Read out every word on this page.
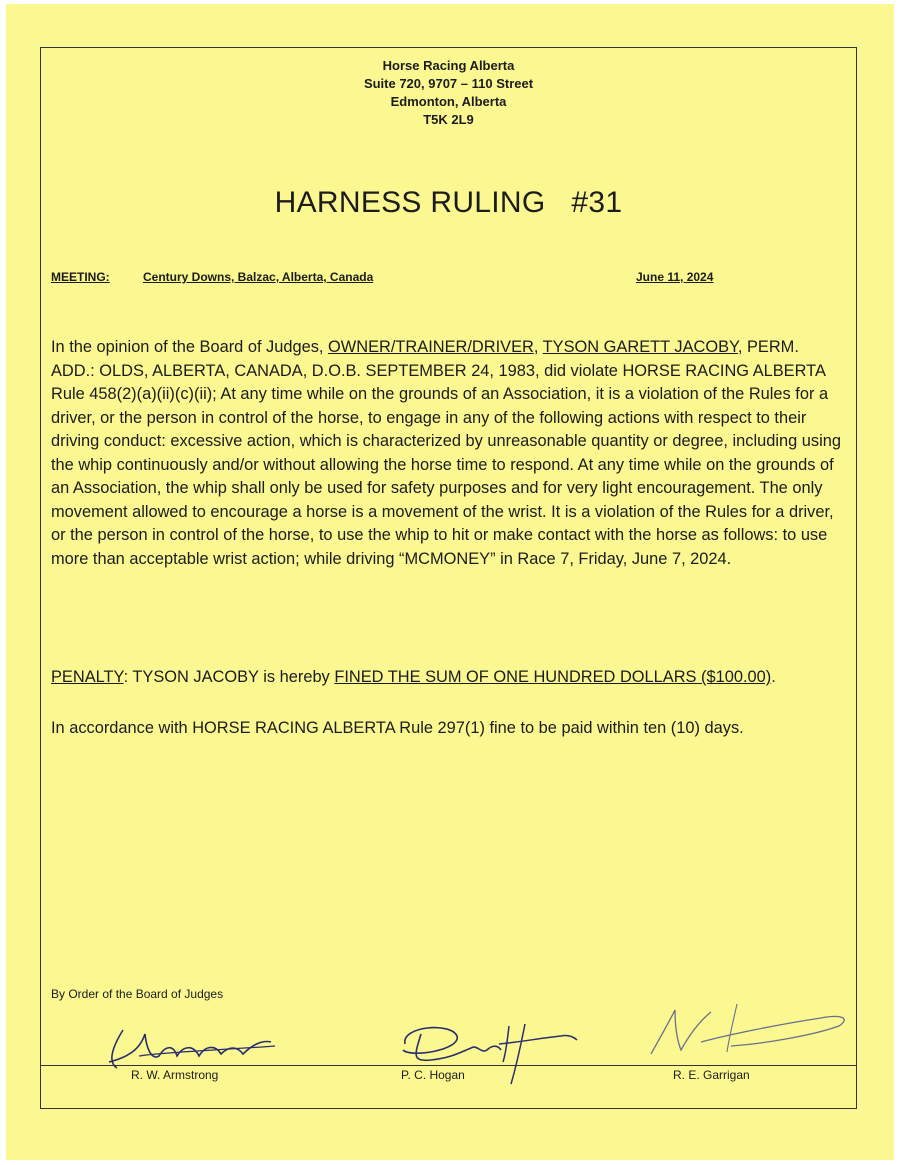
Horse Racing Alberta
Suite 720, 9707 – 110 Street
Edmonton, Alberta
T5K 2L9
HARNESS RULING   #31
MEETING:	Century Downs, Balzac, Alberta, Canada	June 11, 2024
In the opinion of the Board of Judges, OWNER/TRAINER/DRIVER, TYSON GARETT JACOBY, PERM. ADD.: OLDS, ALBERTA, CANADA, D.O.B. SEPTEMBER 24, 1983, did violate HORSE RACING ALBERTA Rule 458(2)(a)(ii)(c)(ii); At any time while on the grounds of an Association, it is a violation of the Rules for a driver, or the person in control of the horse, to engage in any of the following actions with respect to their driving conduct: excessive action, which is characterized by unreasonable quantity or degree, including using the whip continuously and/or without allowing the horse time to respond. At any time while on the grounds of an Association, the whip shall only be used for safety purposes and for very light encouragement. The only movement allowed to encourage a horse is a movement of the wrist. It is a violation of the Rules for a driver, or the person in control of the horse, to use the whip to hit or make contact with the horse as follows: to use more than acceptable wrist action; while driving “MCMONEY” in Race 7, Friday, June 7, 2024.
PENALTY: TYSON JACOBY is hereby FINED THE SUM OF ONE HUNDRED DOLLARS ($100.00).
In accordance with HORSE RACING ALBERTA Rule 297(1) fine to be paid within ten (10) days.
By Order of the Board of Judges
R. W. Armstrong	P. C. Hogan	R. E. Garrigan
